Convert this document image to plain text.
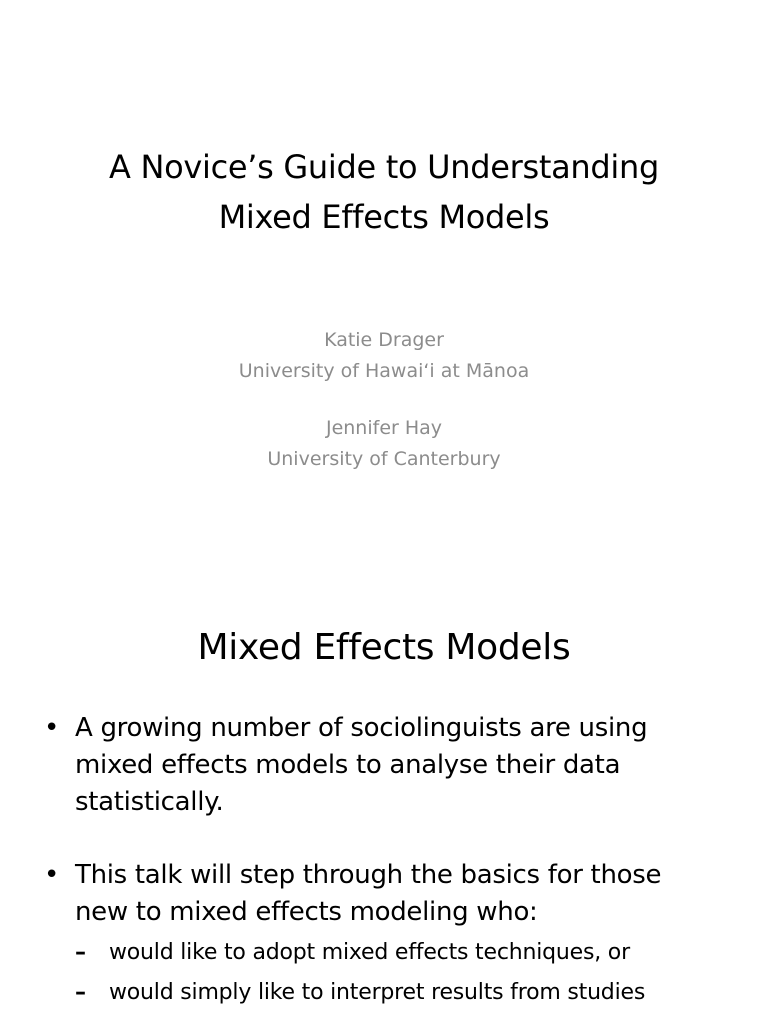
A Novice’s Guide to Understanding
Mixed Effects Models
Katie Drager
University of Hawaiʻi at Mānoa
Jennifer Hay
University of Canterbury
Mixed Effects Models
• A growing number of sociolinguists are using
mixed effects models to analyse their data
statistically.
• This talk will step through the basics for those
new to mixed effects modeling who:
– would like to adopt mixed effects techniques, or
– would simply like to interpret results from studies
